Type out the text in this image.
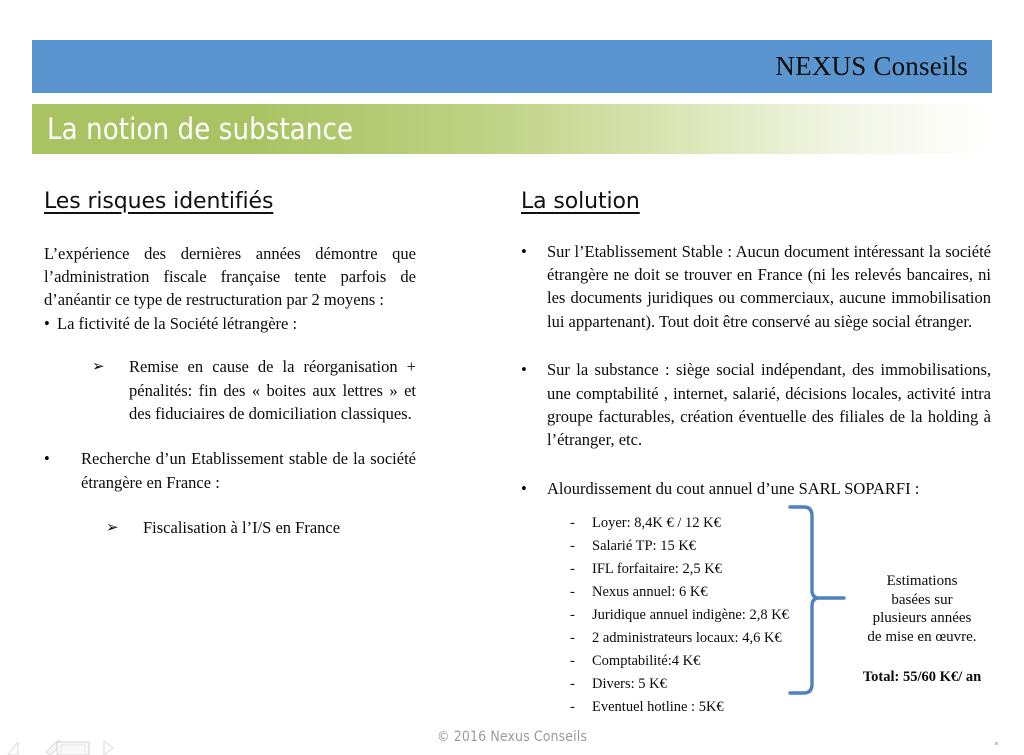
NEXUS Conseils
La notion de substance
Les risques identifiés

L’expérience des dernières années démontre que l’administration fiscale française tente parfois de d’anéantir ce type de restructuration par 2 moyens :

• La fictivité de la Société létrangère :
➢	Remise en cause de la réorganisation + pénalités: fin des « boites aux lettres » et des fiduciaires de domiciliation classiques.
•	Recherche d’un Etablissement stable de la société étrangère en France :
➢	Fiscalisation à l’I/S en France
La solution
•	Sur l’Etablissement Stable : Aucun document intéressant la société étrangère ne doit se trouver en France (ni les relevés bancaires, ni les documents juridiques ou commerciaux, aucune immobilisation lui appartenant). Tout doit être conservé au siège social étranger.
•	Sur la substance : siège social indépendant, des immobilisations, une comptabilité , internet, salarié, décisions locales, activité intra groupe facturables, création éventuelle des filiales de la holding à l’étranger, etc.
•	Alourdissement du cout annuel d’une SARL SOPARFI :
-	Loyer: 8,4K € / 12 K€
-	Salarié TP: 15 K€
-	IFL forfaitaire: 2,5 K€
-	Nexus annuel: 6 K€
-	Juridique annuel indigène: 2,8 K€
-	2 administrateurs locaux: 4,6 K€
-	Comptabilité:4 K€
-	Divers: 5 K€
-	Eventuel hotline : 5K€
Estimations
basées sur
plusieurs années
de mise en œuvre.
Total: 55/60 K€/ an
© 2016 Nexus Conseils
